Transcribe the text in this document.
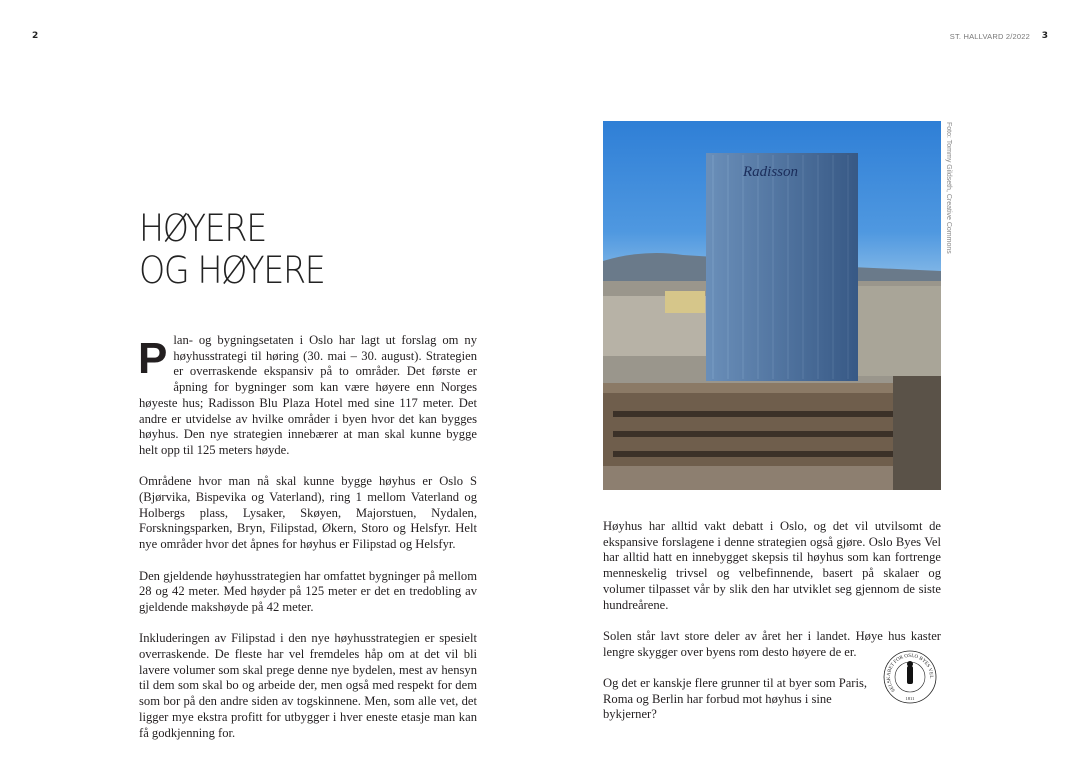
2	ST. HALLVARD 2/2022 3
HØYERE
OG HØYERE

Plan- og bygningsetaten i Oslo har lagt ut forslag om ny høyhusstrategi til høring (30. mai – 30. august). Strategien er overraskende ekspansiv på to områder. Det første er åpning for bygninger som kan være høyere enn Norges høyeste hus; Radisson Blu Plaza Hotel med sine 117 meter. Det andre er utvidelse av hvilke områder i byen hvor det kan bygges høyhus. Den nye strategien innebærer at man skal kunne bygge helt opp til 125 meters høyde.

Områdene hvor man nå skal kunne bygge høyhus er Oslo S (Bjørvika, Bispevika og Vaterland), ring 1 mellom Vaterland og Holbergs plass, Lysaker, Skøyen, Majorstuen, Nydalen, Forskningsparken, Bryn, Filipstad, Økern, Storo og Helsfyr. Helt nye områder hvor det åpnes for høyhus er Filipstad og Helsfyr.

Den gjeldende høyhusstrategien har omfattet bygninger på mellom 28 og 42 meter. Med høyder på 125 meter er det en tredobling av gjeldende makshøyde på 42 meter.

Inkluderingen av Filipstad i den nye høyhusstrategien er spesielt overraskende. De fleste har vel fremdeles håp om at det vil bli lavere volumer som skal prege denne nye bydelen, mest av hensyn til dem som skal bo og arbeide der, men også med respekt for dem som bor på den andre siden av togskinnene. Men, som alle vet, det ligger mye ekstra profitt for utbygger i hver eneste etasje man kan få godkjenning for.

Radisson	Foto: Tommy Gildseth, Creative Commons

Høyhus har alltid vakt debatt i Oslo, og det vil utvilsomt de ekspansive forslagene i denne strategien også gjøre. Oslo Byes Vel har alltid hatt en innebygget skepsis til høyhus som kan fortrenge menneskelig trivsel og velbefinnende, basert på skalaer og volumer tilpasset vår by slik den har utviklet seg gjennom de siste hundreårene.

Solen står lavt store deler av året her i landet. Høye hus kaster lengre skygger over byens rom desto høyere de er.

Og det er kanskje flere grunner til at byer som Paris, Roma og Berlin har forbud mot høyhus i sine bykjerner?

SELSKABET FOR OSLO BYES VEL
1811
